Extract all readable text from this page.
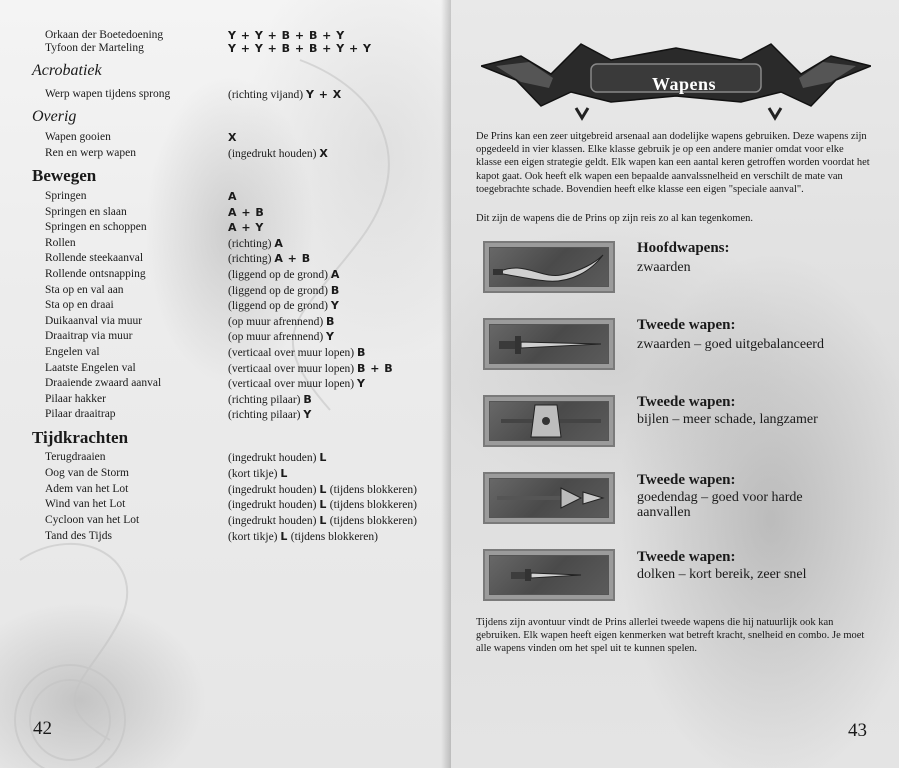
Orkaan der Boetedoening	Y + Y + B + B + Y
Tyfoon der Marteling	Y + Y + B + B + Y + Y
Acrobatiek
Werp wapen tijdens sprong	(richting vijand) Y + X
Overig
Wapen gooien	X
Ren en werp wapen	(ingedrukt houden) X
Bewegen
Springen	A
Springen en slaan	A + B
Springen en schoppen	A + Y
Rollen	(richting) A
Rollende steekaanval	(richting) A + B
Rollende ontsnapping	(liggend op de grond) A
Sta op en val aan	(liggend op de grond) B
Sta op en draai	(liggend op de grond) Y
Duikaanval via muur	(op muur afrennend) B
Draaitrap via muur	(op muur afrennend) Y
Engelen val	(verticaal over muur lopen) B
Laatste Engelen val	(verticaal over muur lopen) B + B
Draaiende zwaard aanval	(verticaal over muur lopen) Y
Pilaar hakker	(richting pilaar) B
Pilaar draaitrap	(richting pilaar) Y
Tijdkrachten
Terugdraaien	(ingedrukt houden) L
Oog van de Storm	(kort tikje) L
Adem van het Lot	(ingedrukt houden) L (tijdens blokkeren)
Wind van het Lot	(ingedrukt houden) L (tijdens blokkeren)
Cycloon van het Lot	(ingedrukt houden) L (tijdens blokkeren)
Tand des Tijds	(kort tikje) L (tijdens blokkeren)
42
Wapens
De Prins kan een zeer uitgebreid arsenaal aan dodelijke wapens gebruiken. Deze wapens zijn opgedeeld in vier klassen. Elke klasse gebruik je op een andere manier omdat voor elke klasse een eigen strategie geldt. Elk wapen kan een aantal keren getroffen worden voordat het kapot gaat. Ook heeft elk wapen een bepaalde aanvalssnelheid en verschilt de mate van toegebrachte schade. Bovendien heeft elke klasse een eigen "speciale aanval".
Dit zijn de wapens die de Prins op zijn reis zo al kan tegenkomen.
Hoofdwapens:
zwaarden
Tweede wapen:
zwaarden – goed uitgebalanceerd
Tweede wapen:
bijlen – meer schade, langzamer
Tweede wapen:
goedendag – goed voor harde aanvallen
Tweede wapen:
dolken – kort bereik, zeer snel
Tijdens zijn avontuur vindt de Prins allerlei tweede wapens die hij natuurlijk ook kan gebruiken. Elk wapen heeft eigen kenmerken wat betreft kracht, snelheid en combo. Je moet alle wapens vinden om het spel uit te kunnen spelen.
43
